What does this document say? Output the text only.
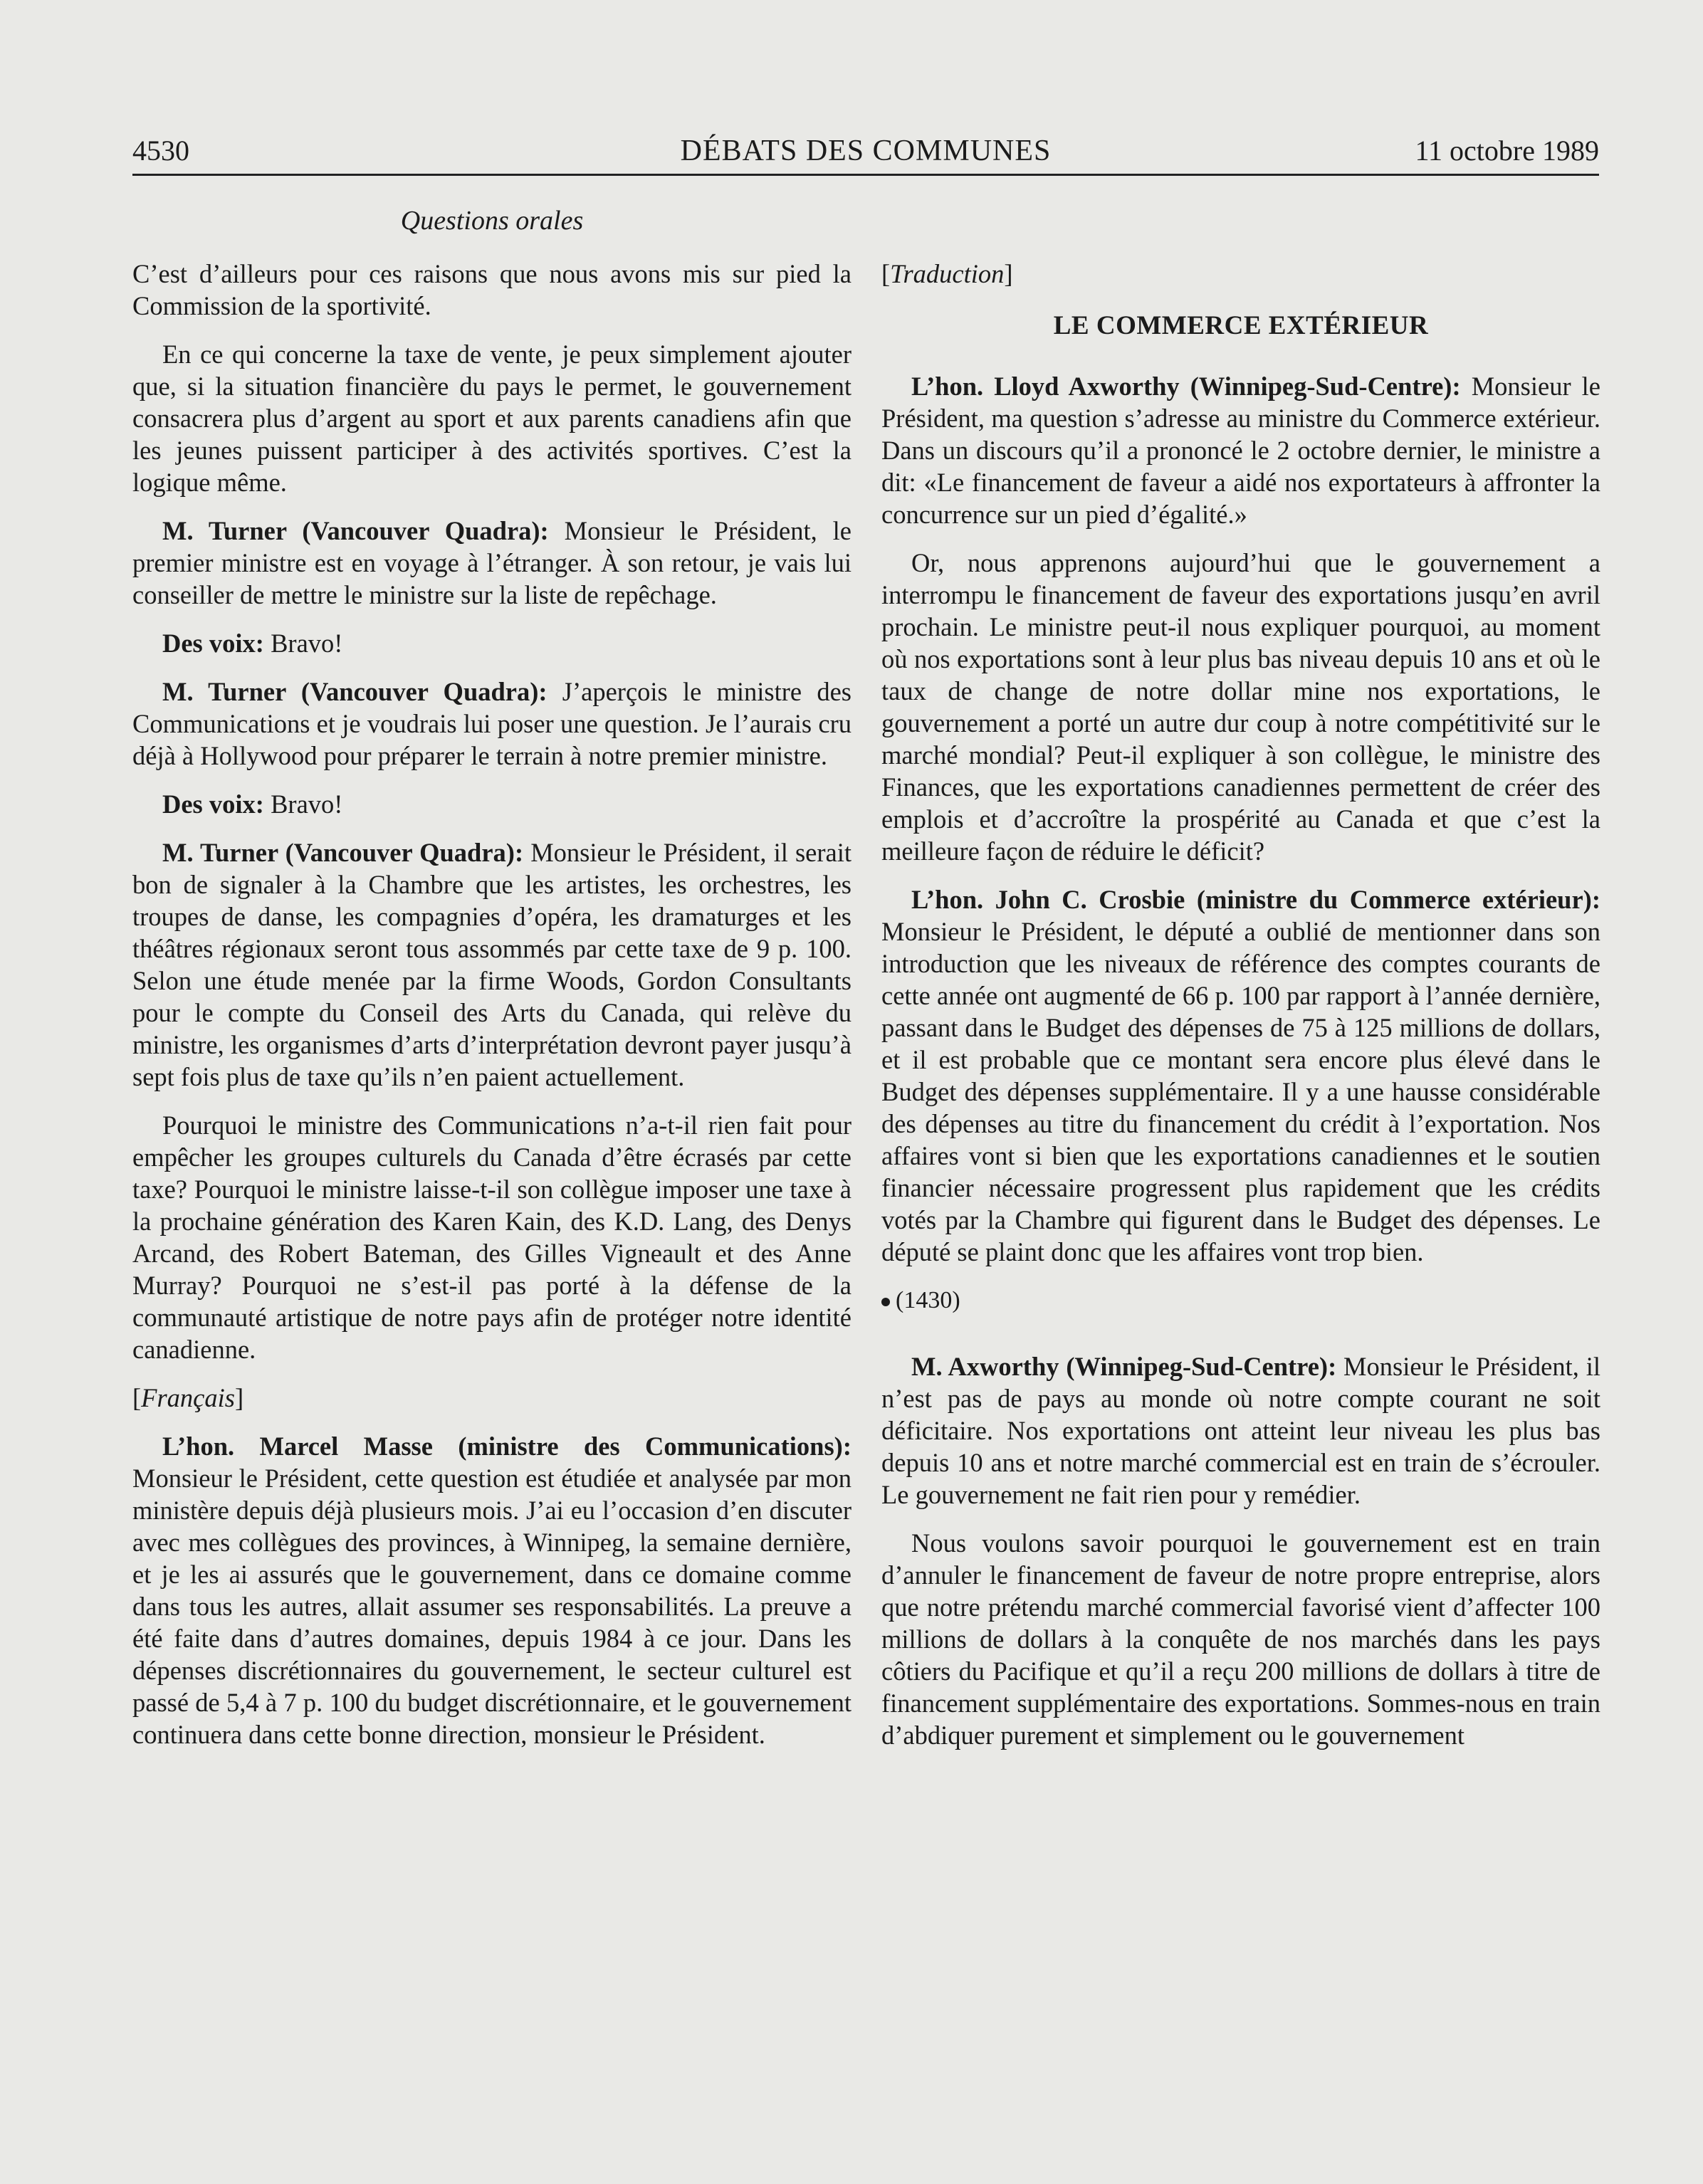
4530	DÉBATS DES COMMUNES	11 octobre 1989
Questions orales

C’est d’ailleurs pour ces raisons que nous avons mis sur pied la Commission de la sportivité.

En ce qui concerne la taxe de vente, je peux simplement ajouter que, si la situation financière du pays le permet, le gouvernement consacrera plus d’argent au sport et aux parents canadiens afin que les jeunes puissent participer à des activités sportives. C’est la logique même.

M. Turner (Vancouver Quadra): Monsieur le Président, le premier ministre est en voyage à l’étranger. À son retour, je vais lui conseiller de mettre le ministre sur la liste de repêchage.

Des voix: Bravo!

M. Turner (Vancouver Quadra): J’aperçois le ministre des Communications et je voudrais lui poser une question. Je l’aurais cru déjà à Hollywood pour préparer le terrain à notre premier ministre.

Des voix: Bravo!

M. Turner (Vancouver Quadra): Monsieur le Président, il serait bon de signaler à la Chambre que les artistes, les orchestres, les troupes de danse, les compagnies d’opéra, les dramaturges et les théâtres régionaux seront tous assommés par cette taxe de 9 p. 100. Selon une étude menée par la firme Woods, Gordon Consultants pour le compte du Conseil des Arts du Canada, qui relève du ministre, les organismes d’arts d’interprétation devront payer jusqu’à sept fois plus de taxe qu’ils n’en paient actuellement.

Pourquoi le ministre des Communications n’a-t-il rien fait pour empêcher les groupes culturels du Canada d’être écrasés par cette taxe? Pourquoi le ministre laisse-t-il son collègue imposer une taxe à la prochaine génération des Karen Kain, des K.D. Lang, des Denys Arcand, des Robert Bateman, des Gilles Vigneault et des Anne Murray? Pourquoi ne s’est-il pas porté à la défense de la communauté artistique de notre pays afin de protéger notre identité canadienne.

[Français]

L’hon. Marcel Masse (ministre des Communications): Monsieur le Président, cette question est étudiée et analysée par mon ministère depuis déjà plusieurs mois. J’ai eu l’occasion d’en discuter avec mes collègues des provinces, à Winnipeg, la semaine dernière, et je les ai assurés que le gouvernement, dans ce domaine comme dans tous les autres, allait assumer ses responsabilités. La preuve a été faite dans d’autres domaines, depuis 1984 à ce jour. Dans les dépenses discrétionnaires du gouvernement, le secteur culturel est passé de 5,4 à 7 p. 100 du budget discrétionnaire, et le gouvernement continuera dans cette bonne direction, monsieur le Président.

[Traduction]

LE COMMERCE EXTÉRIEUR

L’hon. Lloyd Axworthy (Winnipeg-Sud-Centre): Monsieur le Président, ma question s’adresse au ministre du Commerce extérieur. Dans un discours qu’il a prononcé le 2 octobre dernier, le ministre a dit: «Le financement de faveur a aidé nos exportateurs à affronter la concurrence sur un pied d’égalité.»

Or, nous apprenons aujourd’hui que le gouvernement a interrompu le financement de faveur des exportations jusqu’en avril prochain. Le ministre peut-il nous expliquer pourquoi, au moment où nos exportations sont à leur plus bas niveau depuis 10 ans et où le taux de change de notre dollar mine nos exportations, le gouvernement a porté un autre dur coup à notre compétitivité sur le marché mondial? Peut-il expliquer à son collègue, le ministre des Finances, que les exportations canadiennes permettent de créer des emplois et d’accroître la prospérité au Canada et que c’est la meilleure façon de réduire le déficit?

L’hon. John C. Crosbie (ministre du Commerce extérieur): Monsieur le Président, le député a oublié de mentionner dans son introduction que les niveaux de référence des comptes courants de cette année ont augmenté de 66 p. 100 par rapport à l’année dernière, passant dans le Budget des dépenses de 75 à 125 millions de dollars, et il est probable que ce montant sera encore plus élevé dans le Budget des dépenses supplémentaire. Il y a une hausse considérable des dépenses au titre du financement du crédit à l’exportation. Nos affaires vont si bien que les exportations canadiennes et le soutien financier nécessaire progressent plus rapidement que les crédits votés par la Chambre qui figurent dans le Budget des dépenses. Le député se plaint donc que les affaires vont trop bien.

(1430)

M. Axworthy (Winnipeg-Sud-Centre): Monsieur le Président, il n’est pas de pays au monde où notre compte courant ne soit déficitaire. Nos exportations ont atteint leur niveau les plus bas depuis 10 ans et notre marché commercial est en train de s’écrouler. Le gouvernement ne fait rien pour y remédier.

Nous voulons savoir pourquoi le gouvernement est en train d’annuler le financement de faveur de notre propre entreprise, alors que notre prétendu marché commercial favorisé vient d’affecter 100 millions de dollars à la conquête de nos marchés dans les pays côtiers du Pacifique et qu’il a reçu 200 millions de dollars à titre de financement supplémentaire des exportations. Sommes-nous en train d’abdiquer purement et simplement ou le gouvernement
